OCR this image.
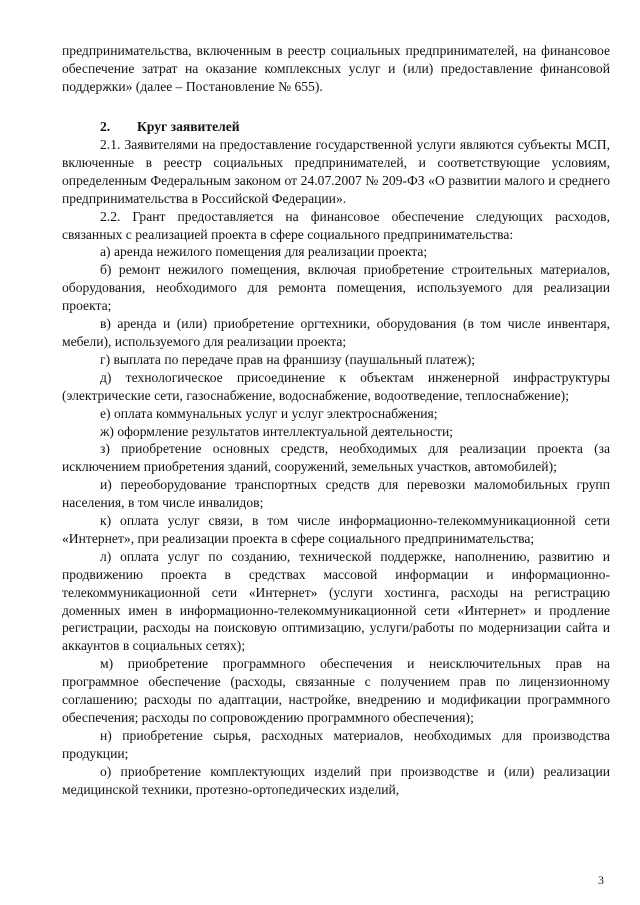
предпринимательства, включенным в реестр социальных предпринимателей, на финансовое обеспечение затрат на оказание комплексных услуг и (или) предоставление финансовой поддержки» (далее – Постановление № 655).

2. Круг заявителей

2.1. Заявителями на предоставление государственной услуги являются субъекты МСП, включенные в реестр социальных предпринимателей, и соответствующие условиям, определенным Федеральным законом от 24.07.2007 № 209-ФЗ «О развитии малого и среднего предпринимательства в Российской Федерации».

2.2. Грант предоставляется на финансовое обеспечение следующих расходов, связанных с реализацией проекта в сфере социального предпринимательства:

а) аренда нежилого помещения для реализации проекта;

б) ремонт нежилого помещения, включая приобретение строительных материалов, оборудования, необходимого для ремонта помещения, используемого для реализации проекта;

в) аренда и (или) приобретение оргтехники, оборудования (в том числе инвентаря, мебели), используемого для реализации проекта;

г) выплата по передаче прав на франшизу (паушальный платеж);

д) технологическое присоединение к объектам инженерной инфраструктуры (электрические сети, газоснабжение, водоснабжение, водоотведение, теплоснабжение);

е) оплата коммунальных услуг и услуг электроснабжения;

ж) оформление результатов интеллектуальной деятельности;

з) приобретение основных средств, необходимых для реализации проекта (за исключением приобретения зданий, сооружений, земельных участков, автомобилей);

и) переоборудование транспортных средств для перевозки маломобильных групп населения, в том числе инвалидов;

к) оплата услуг связи, в том числе информационно-телекоммуникационной сети «Интернет», при реализации проекта в сфере социального предпринимательства;

л) оплата услуг по созданию, технической поддержке, наполнению, развитию и продвижению проекта в средствах массовой информации и информационно-телекоммуникационной сети «Интернет» (услуги хостинга, расходы на регистрацию доменных имен в информационно-телекоммуникационной сети «Интернет» и продление регистрации, расходы на поисковую оптимизацию, услуги/работы по модернизации сайта и аккаунтов в социальных сетях);

м) приобретение программного обеспечения и неисключительных прав на программное обеспечение (расходы, связанные с получением прав по лицензионному соглашению; расходы по адаптации, настройке, внедрению и модификации программного обеспечения; расходы по сопровождению программного обеспечения);

н) приобретение сырья, расходных материалов, необходимых для производства продукции;

о) приобретение комплектующих изделий при производстве и (или) реализации медицинской техники, протезно-ортопедических изделий,

3
